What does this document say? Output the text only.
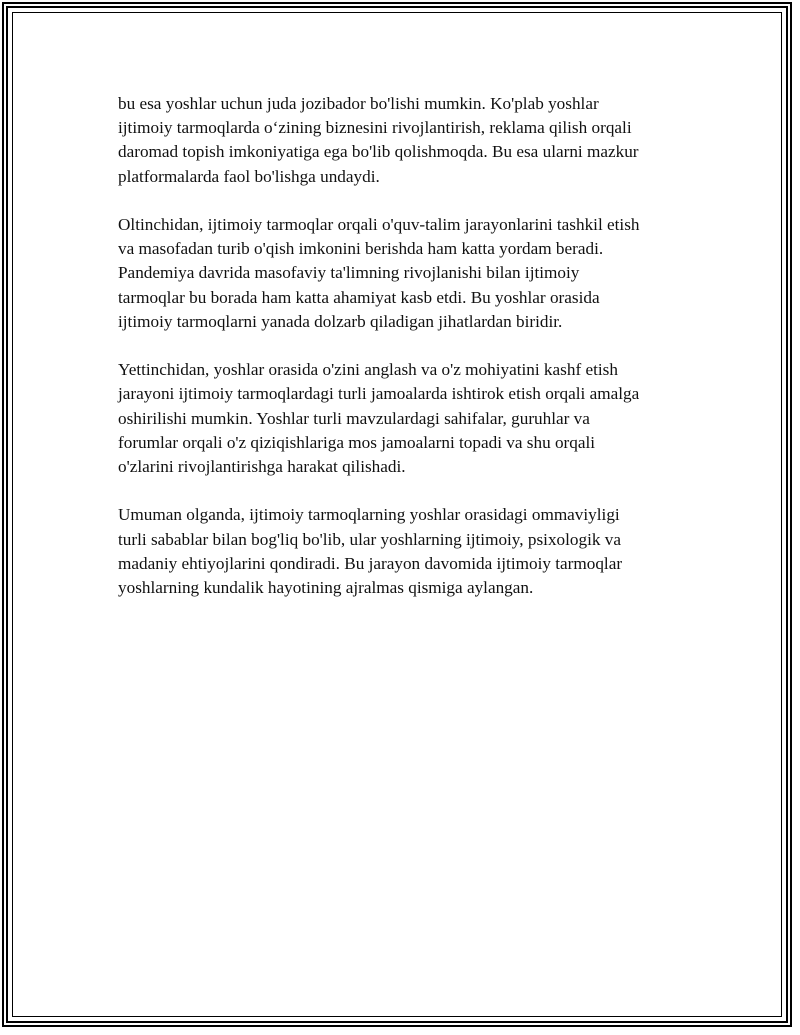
bu esa yoshlar uchun juda jozibador bo'lishi mumkin. Ko'plab yoshlar
ijtimoiy tarmoqlarda o‘zining biznesini rivojlantirish, reklama qilish orqali
daromad topish imkoniyatiga ega bo'lib qolishmoqda. Bu esa ularni mazkur
platformalarda faol bo'lishga undaydi.

Oltinchidan, ijtimoiy tarmoqlar orqali o'quv-talim jarayonlarini tashkil etish
va masofadan turib o'qish imkonini berishda ham katta yordam beradi.
Pandemiya davrida masofaviy ta'limning rivojlanishi bilan ijtimoiy
tarmoqlar bu borada ham katta ahamiyat kasb etdi. Bu yoshlar orasida
ijtimoiy tarmoqlarni yanada dolzarb qiladigan jihatlardan biridir.

Yettinchidan, yoshlar orasida o'zini anglash va o'z mohiyatini kashf etish
jarayoni ijtimoiy tarmoqlardagi turli jamoalarda ishtirok etish orqali amalga
oshirilishi mumkin. Yoshlar turli mavzulardagi sahifalar, guruhlar va
forumlar orqali o'z qiziqishlariga mos jamoalarni topadi va shu orqali
o'zlarini rivojlantirishga harakat qilishadi.

Umuman olganda, ijtimoiy tarmoqlarning yoshlar orasidagi ommaviyligi
turli sabablar bilan bog'liq bo'lib, ular yoshlarning ijtimoiy, psixologik va
madaniy ehtiyojlarini qondiradi. Bu jarayon davomida ijtimoiy tarmoqlar
yoshlarning kundalik hayotining ajralmas qismiga aylangan.
